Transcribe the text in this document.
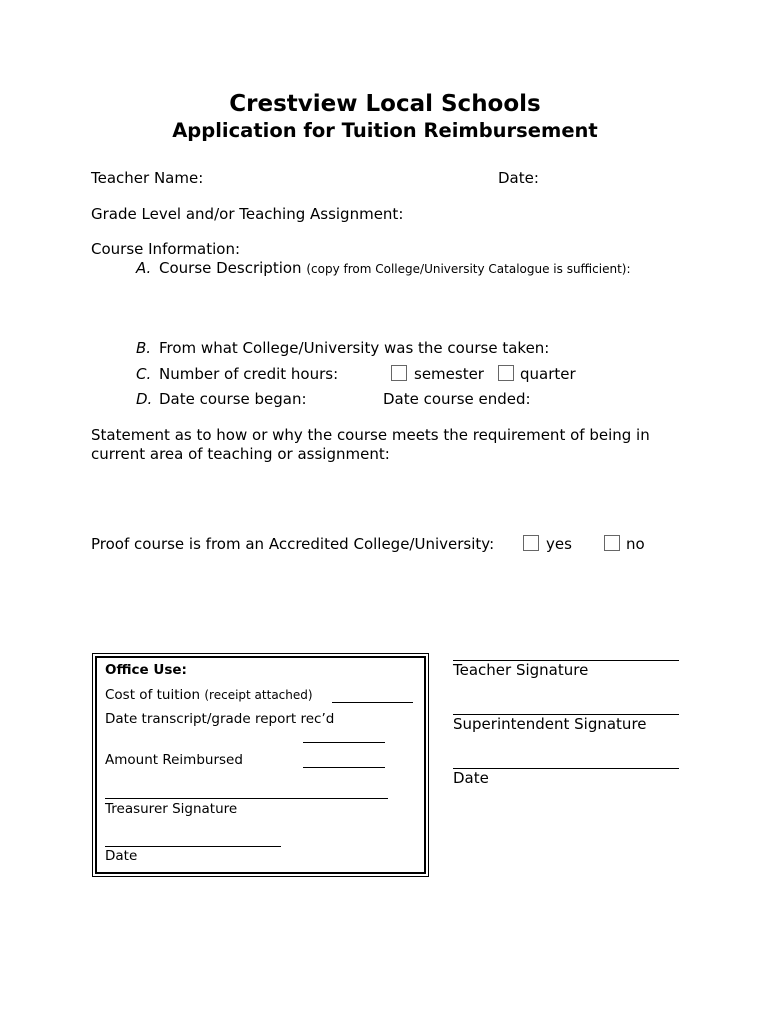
Crestview Local Schools
Application for Tuition Reimbursement
Teacher Name:	Date:
Grade Level and/or Teaching Assignment:
Course Information:
A. Course Description (copy from College/University Catalogue is sufficient):
B. From what College/University was the course taken:
C. Number of credit hours:	semester quarter
D. Date course began:	Date course ended:
Statement as to how or why the course meets the requirement of being in
current area of teaching or assignment:
Proof course is from an Accredited College/University:	yes	no
Office Use:
Cost of tuition (receipt attached)
Date transcript/grade report rec’d
Amount Reimbursed
Treasurer Signature
Date
Teacher Signature
Superintendent Signature
Date
